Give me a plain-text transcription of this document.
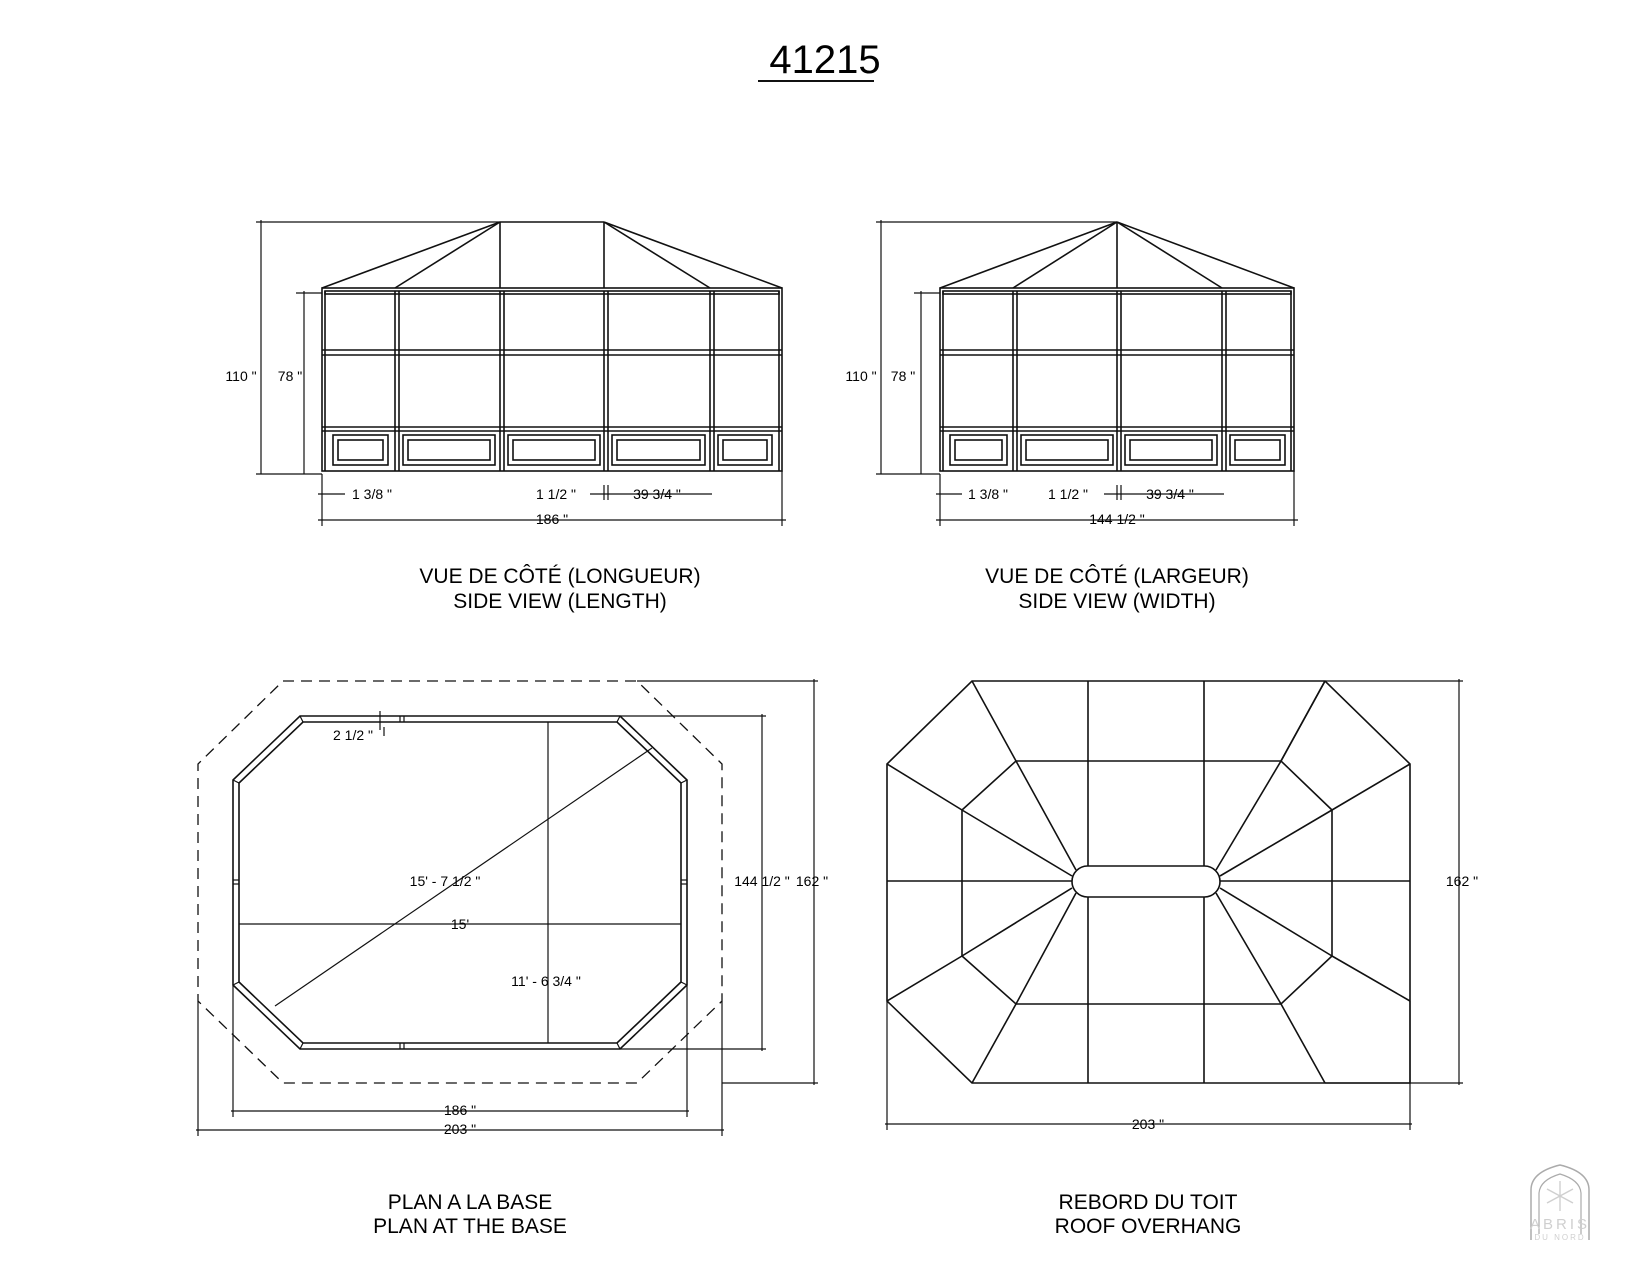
41215
110 " 78 "
1 3/8 "	1 1/2 "	39 3/4 "
186 "
VUE DE CÔTÉ (LONGUEUR)
SIDE VIEW (LENGTH)
110 " 78 "
1 3/8 "	1 1/2 "	39 3/4 "
144 1/2 "
VUE DE CÔTÉ (LARGEUR)
SIDE VIEW (WIDTH)
2 1/2 "
15' - 7 1/2 "
15'
11' - 6 3/4 "
144 1/2 " 162 "
186 "
203 "
PLAN A LA BASE
PLAN AT THE BASE
162 "
203 "
REBORD DU TOIT
ROOF OVERHANG	ABRIS
DU NORD
